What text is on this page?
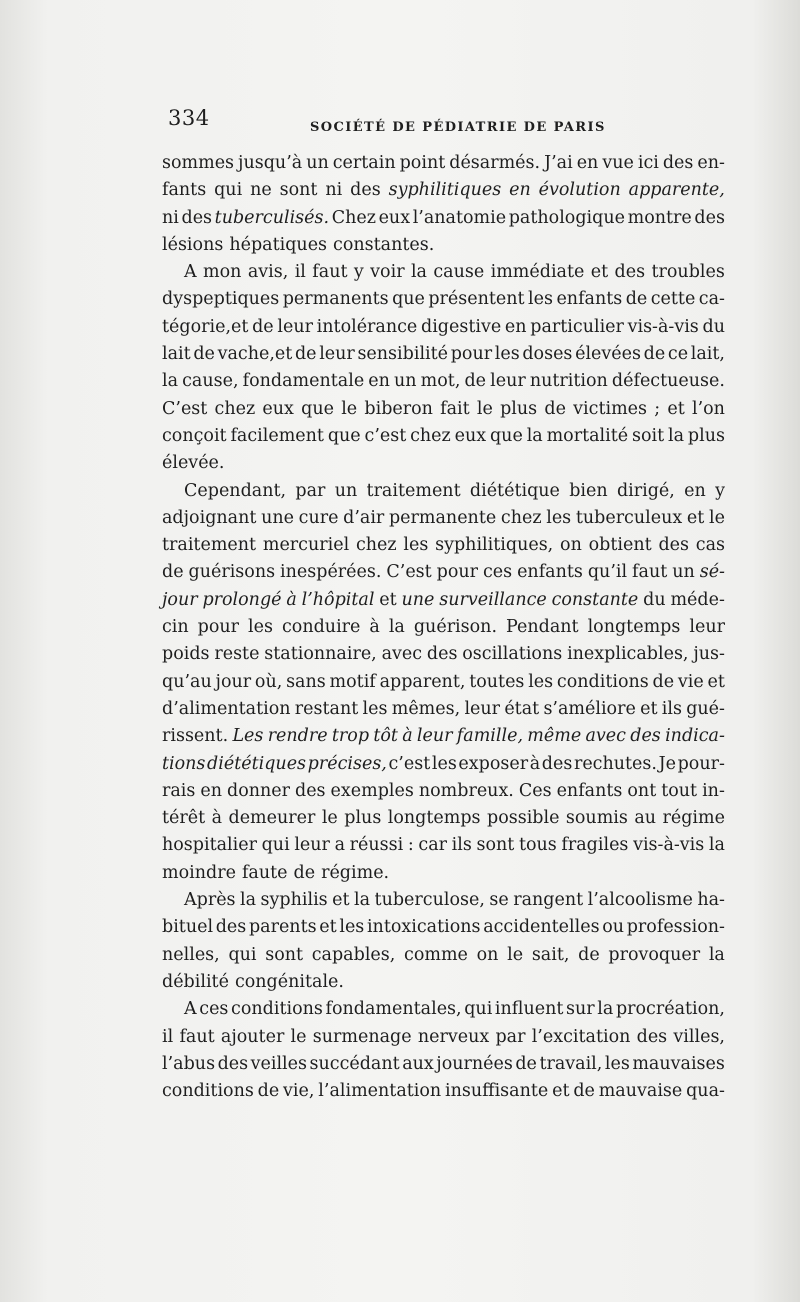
334	SOCIÉTÉ DE PÉDIATRIE DE PARIS
sommes jusqu’à un certain point désarmés. J’ai en vue ici des en-
fants qui ne sont ni des syphilitiques en évolution apparente,
ni des tuberculisés. Chez eux l’anatomie pathologique montre des
lésions hépatiques constantes.
A mon avis, il faut y voir la cause immédiate et des troubles
dyspeptiques permanents que présentent les enfants de cette ca-
tégorie,et de leur intolérance digestive en particulier vis-à-vis du
lait de vache,et de leur sensibilité pour les doses élevées de ce lait,
la cause, fondamentale en un mot, de leur nutrition défectueuse.
C’est chez eux que le biberon fait le plus de victimes ; et l’on
conçoit facilement que c’est chez eux que la mortalité soit la plus
élevée.
Cependant, par un traitement diététique bien dirigé, en y
adjoignant une cure d’air permanente chez les tuberculeux et le
traitement mercuriel chez les syphilitiques, on obtient des cas
de guérisons inespérées. C’est pour ces enfants qu’il faut un sé-
jour prolongé à l’hôpital et une surveillance constante du méde-
cin pour les conduire à la guérison. Pendant longtemps leur
poids reste stationnaire, avec des oscillations inexplicables, jus-
qu’au jour où, sans motif apparent, toutes les conditions de vie et
d’alimentation restant les mêmes, leur état s’améliore et ils gué-
rissent. Les rendre trop tôt à leur famille, même avec des indica-
tions diététiques précises, c’est les exposer à des rechutes. Je pour-
rais en donner des exemples nombreux. Ces enfants ont tout in-
térêt à demeurer le plus longtemps possible soumis au régime
hospitalier qui leur a réussi : car ils sont tous fragiles vis-à-vis la
moindre faute de régime.
Après la syphilis et la tuberculose, se rangent l’alcoolisme ha-
bituel des parents et les intoxications accidentelles ou profession-
nelles, qui sont capables, comme on le sait, de provoquer la
débilité congénitale.
A ces conditions fondamentales, qui influent sur la procréation,
il faut ajouter le surmenage nerveux par l’excitation des villes,
l’abus des veilles succédant aux journées de travail, les mauvaises
conditions de vie, l’alimentation insuffisante et de mauvaise qua-
